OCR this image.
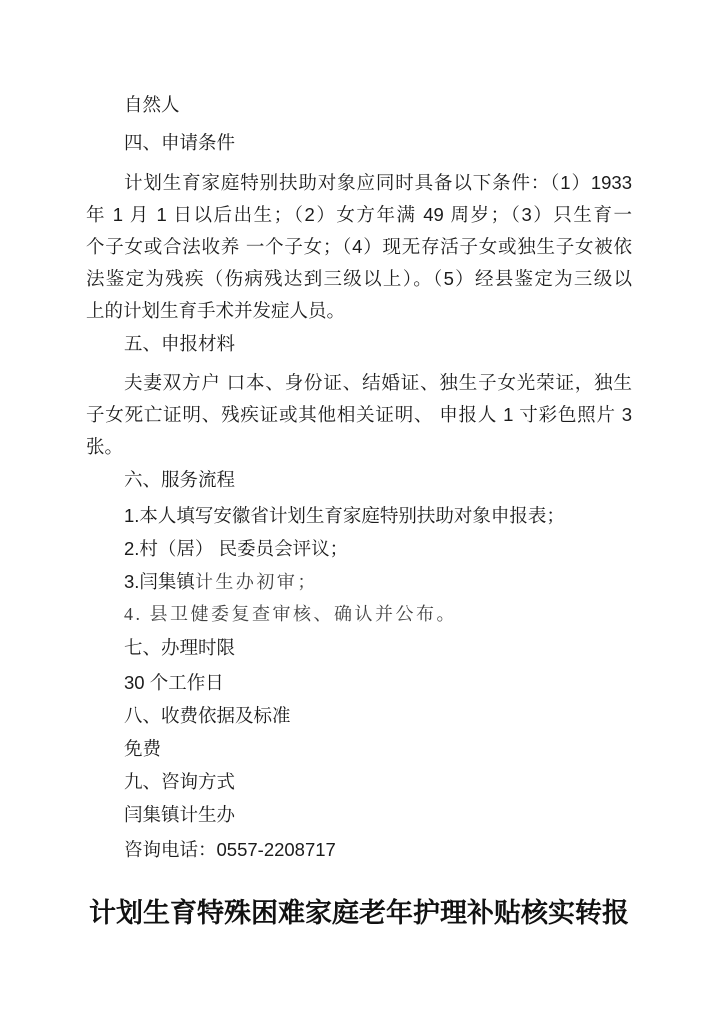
自然人
四、申请条件
计划生育家庭特别扶助对象应同时具备以下条件：（1）1933
年 1 月 1 日以后出生；（2）女方年满 49 周岁；（3）只生育一
个子女或合法收养 一个子女；（4）现无存活子女或独生子女被依
法鉴定为残疾（伤病残达到三级以上）。（5）经县鉴定为三级以
上的计划生育手术并发症人员。
五、申报材料
夫妻双方户 口本、身份证、结婚证、独生子女光荣证，独生
子女死亡证明、残疾证或其他相关证明、 申报人 1 寸彩色照片 3
张。
六、服务流程
1.本人填写安徽省计划生育家庭特别扶助对象申报表；
2.村（居） 民委员会评议；
3.闫集镇计生办初审；
4. 县卫健委复查审核、确认并公布。
七、办理时限
30 个工作日
八、收费依据及标准
免费
九、咨询方式
闫集镇计生办
咨询电话：0557-2208717
计划生育特殊困难家庭老年护理补贴核实转报
